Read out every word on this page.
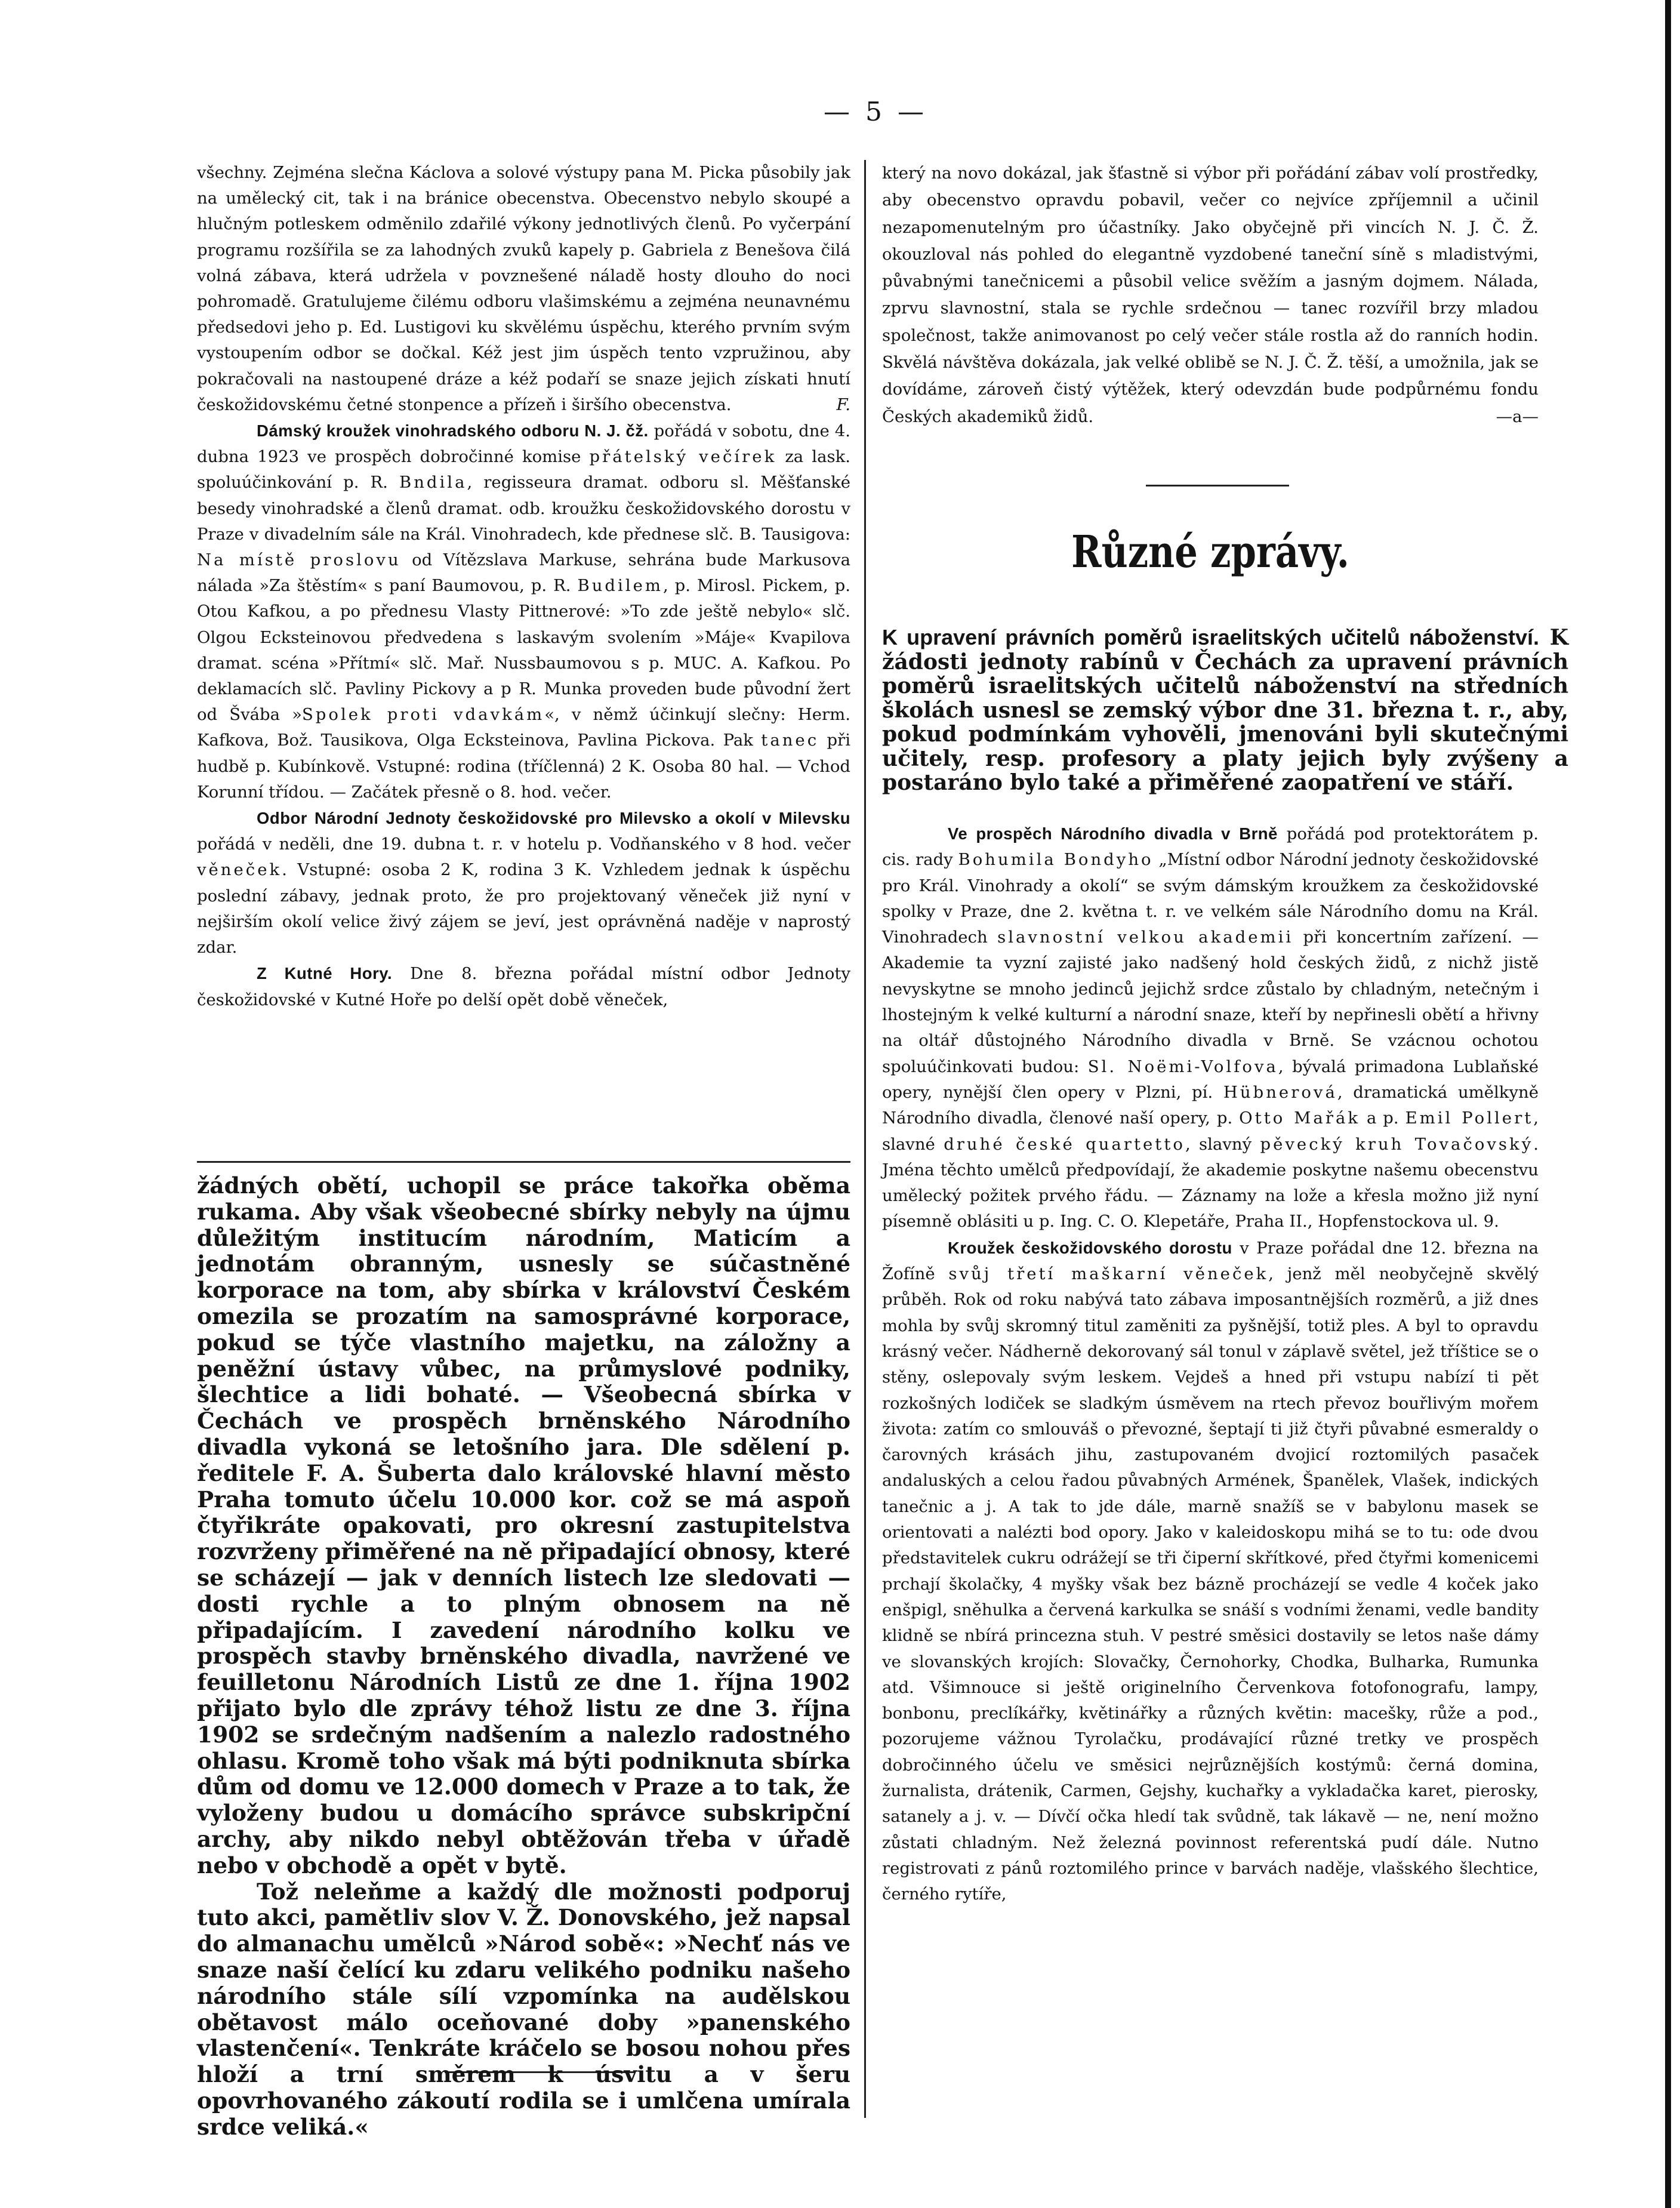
— 5 —

všechny. Zejména slečna Káclova a solové výstupy pana M. Picka působily jak na umělecký cit, tak i na bránice obecenstva. Obecenstvo nebylo skoupé a hlučným potleskem odměnilo zdařilé výkony jednotlivých členů. Po vyčerpání programu rozšířila se za lahodných zvuků kapely p. Gabriela z Benešova čilá volná zábava, která udržela v povznešené náladě hosty dlouho do noci pohromadě. Gratulujeme čilému odboru vlašimskému a zejména neunavnému předsedovi jeho p. Ed. Lustigovi ku skvělému úspěchu, kterého prvním svým vystoupením odbor se dočkal. Kéž jest jim úspěch tento vzpružinou, aby pokračovali na nastoupené dráze a kéž podaří se snaze jejich získati hnutí českožidovskému četné stonpence a přízeň i širšího obecenstva.	F.

Dámský kroužek vinohradského odboru N. J. čž. pořádá v sobotu, dne 4. dubna 1923 ve prospěch dobročinné komise přátelský večírek za lask. spoluúčinkování p. R. Bndila, regisseura dramat. odboru sl. Měšťanské besedy vinohradské a členů dramat. odb. kroužku českožidovského dorostu v Praze v divadelním sále na Král. Vinohradech, kde přednese slč. B. Tausigova: Na místě proslovu od Vítězslava Markuse, sehrána bude Markusova nálada »Za štěstím« s paní Baumovou, p. R. Budilem, p. Mirosl. Pickem, p. Otou Kafkou, a po přednesu Vlasty Pittnerové: »To zde ještě nebylo« slč. Olgou Ecksteinovou předvedena s laskavým svolením »Máje« Kvapilova dramat. scéna »Přítmí« slč. Mař. Nussbaumovou s p. MUC. A. Kafkou. Po deklamacích slč. Pavliny Pickovy a p R. Munka proveden bude původní žert od Švába »Spolek proti vdavkám«, v němž účinkují slečny: Herm. Kafkova, Bož. Tausikova, Olga Ecksteinova, Pavlina Pickova. Pak tanec při hudbě p. Kubínkově. Vstupné: rodina (tříčlenná) 2 K. Osoba 80 hal. — Vchod Korunní třídou. — Začátek přesně o 8. hod. večer.

Odbor Národní Jednoty českožidovské pro Milevsko a okolí v Milevsku pořádá v neděli, dne 19. dubna t. r. v hotelu p. Vodňanského v 8 hod. večer věneček. Vstupné: osoba 2 K, rodina 3 K. Vzhledem jednak k úspěchu poslední zábavy, jednak proto, že pro projektovaný věneček již nyní v nejširším okolí velice živý zájem se jeví, jest oprávněná naděje v naprostý zdar.

Z Kutné Hory. Dne 8. března pořádal místní odbor Jednoty českožidovské v Kutné Hoře po delší opět době věneček,

žádných obětí, uchopil se práce takořka oběma rukama. Aby však všeobecné sbírky nebyly na újmu důležitým institucím národním, Maticím a jednotám obranným, usnesly se súčastněné korporace na tom, aby sbírka v království Českém omezila se prozatím na samosprávné korporace, pokud se týče vlastního majetku, na záložny a peněžní ústavy vůbec, na průmyslové podniky, šlechtice a lidi bohaté. — Všeobecná sbírka v Čechách ve prospěch brněnského Národního divadla vykoná se letošního jara. Dle sdělení p. ředitele F. A. Šuberta dalo královské hlavní město Praha tomuto účelu 10.000 kor. což se má aspoň čtyřikráte opakovati, pro okresní zastupitelstva rozvrženy přiměřené na ně připadající obnosy, které se scházejí — jak v denních listech lze sledovati — dosti rychle a to plným obnosem na ně připadajícím. I zavedení národního kolku ve prospěch stavby brněnského divadla, navržené ve feuilletonu Národních Listů ze dne 1. října 1902 přijato bylo dle zprávy téhož listu ze dne 3. října 1902 se srdečným nadšením a nalezlo radostného ohlasu. Kromě toho však má býti podniknuta sbírka dům od domu ve 12.000 domech v Praze a to tak, že vyloženy budou u domácího správce subskripční archy, aby nikdo nebyl obtěžován třeba v úřadě nebo v obchodě a opět v bytě.

Tož neleňme a každý dle možnosti podporuj tuto akci, pamětliv slov V. Ž. Donovského, jež napsal do almanachu umělců »Národ sobě«: »Nechť nás ve snaze naší čelící ku zdaru velikého podniku našeho národního stále sílí vzpomínka na audělskou obětavost málo oceňované doby »panenského vlastenčení«. Tenkráte kráčelo se bosou nohou přes hloží a trní směrem k úsvitu a v šeru opovrhovaného zákoutí rodila se i umlčena umírala srdce veliká.«

který na novo dokázal, jak šťastně si výbor při pořádání zábav volí prostředky, aby obecenstvo opravdu pobavil, večer co nejvíce zpříjemnil a učinil nezapomenutelným pro účastníky. Jako obyčejně při vincích N. J. Č. Ž. okouzloval nás pohled do elegantně vyzdobené taneční síně s mladistvými, půvabnými tanečnicemi a působil velice svěžím a jasným dojmem. Nálada, zprvu slavnostní, stala se rychle srdečnou — tanec rozvířil brzy mladou společnost, takže animovanost po celý večer stále rostla až do ranních hodin. Skvělá návštěva dokázala, jak velké oblibě se N. J. Č. Ž. těší, a umožnila, jak se dovídáme, zároveň čistý výtěžek, který odevzdán bude podpůrnému fondu Českých akademiků židů.	—a—

Různé zprávy.

K upravení právních poměrů israelitských učitelů náboženství. K žádosti jednoty rabínů v Čechách za upravení právních poměrů israelitských učitelů náboženství na středních školách usnesl se zemský výbor dne 31. března t. r., aby, pokud podmínkám vyhověli, jmenováni byli skutečnými učitely, resp. profesory a platy jejich byly zvýšeny a postaráno bylo také a přiměřené zaopatření ve stáří.

Ve prospěch Národního divadla v Brně pořádá pod protektorátem p. cis. rady Bohumila Bondyho „Místní odbor Národní jednoty českožidovské pro Král. Vinohrady a okolí“ se svým dámským kroužkem za českožidovské spolky v Praze, dne 2. května t. r. ve velkém sále Národního domu na Král. Vinohradech slavnostní velkou akademii při koncertním zařízení. — Akademie ta vyzní zajisté jako nadšený hold českých židů, z nichž jistě nevyskytne se mnoho jedinců jejichž srdce zůstalo by chladným, netečným i lhostejným k velké kulturní a národní snaze, kteří by nepřinesli obětí a hřivny na oltář důstojného Národního divadla v Brně. Se vzácnou ochotou spoluúčinkovati budou: Sl. Noëmi-Volfova, bývalá primadona Lublaňské opery, nynější člen opery v Plzni, pí. Hübnerová, dramatická umělkyně Národního divadla, členové naší opery, p. Otto Mařák a p. Emil Pollert, slavné druhé české quartetto, slavný pěvecký kruh Tovačovský. Jména těchto umělců předpovídají, že akademie poskytne našemu obecenstvu umělecký požitek prvého řádu. — Záznamy na lože a křesla možno již nyní písemně oblásiti u p. Ing. C. O. Klepetáře, Praha II., Hopfenstockova ul. 9.

Kroužek českožidovského dorostu v Praze pořádal dne 12. března na Žofíně svůj třetí maškarní věneček, jenž měl neobyčejně skvělý průběh. Rok od roku nabývá tato zábava imposantnějších rozměrů, a již dnes mohla by svůj skromný titul zaměniti za pyšnější, totiž ples. A byl to opravdu krásný večer. Nádherně dekorovaný sál tonul v záplavě světel, jež tříštice se o stěny, oslepovaly svým leskem. Vejdeš a hned při vstupu nabízí ti pět rozkošných lodiček se sladkým úsměvem na rtech převoz bouřlivým mořem života: zatím co smlouváš o převozné, šeptají ti již čtyři půvabné esmeraldy o čarovných krásách jihu, zastupovaném dvojicí roztomilých pasaček andaluských a celou řadou půvabných Armének, Španělek, Vlašek, indických tanečnic a j. A tak to jde dále, marně snažíš se v babylonu masek se orientovati a nalézti bod opory. Jako v kaleidoskopu mihá se to tu: ode dvou představitelek cukru odrážejí se tři čiperní skřítkové, před čtyřmi komenicemi prchají školačky, 4 myšky však bez bázně procházejí se vedle 4 koček jako enšpigl, sněhulka a červená karkulka se snáší s vodními ženami, vedle bandity klidně se nbírá princezna stuh. V pestré směsici dostavily se letos naše dámy ve slovanských krojích: Slovačky, Černohorky, Chodka, Bulharka, Rumunka atd. Všimnouce si ještě originelního Červenkova fotofonografu, lampy, bonbonu, preclíkářky, květinářky a různých květin: macešky, růže a pod., pozorujeme vážnou Tyrolačku, prodávající různé tretky ve prospěch dobročinného účelu ve směsici nejrůznějších kostýmů: černá domina, žurnalista, drátenik, Carmen, Gejshy, kuchařky a vykladačka karet, pierosky, satanely a j. v. — Dívčí očka hledí tak svůdně, tak lákavě — ne, není možno zůstati chladným. Než železná povinnost referentská pudí dále. Nutno registrovati z pánů roztomilého prince v barvách naděje, vlašského šlechtice, černého rytíře,
